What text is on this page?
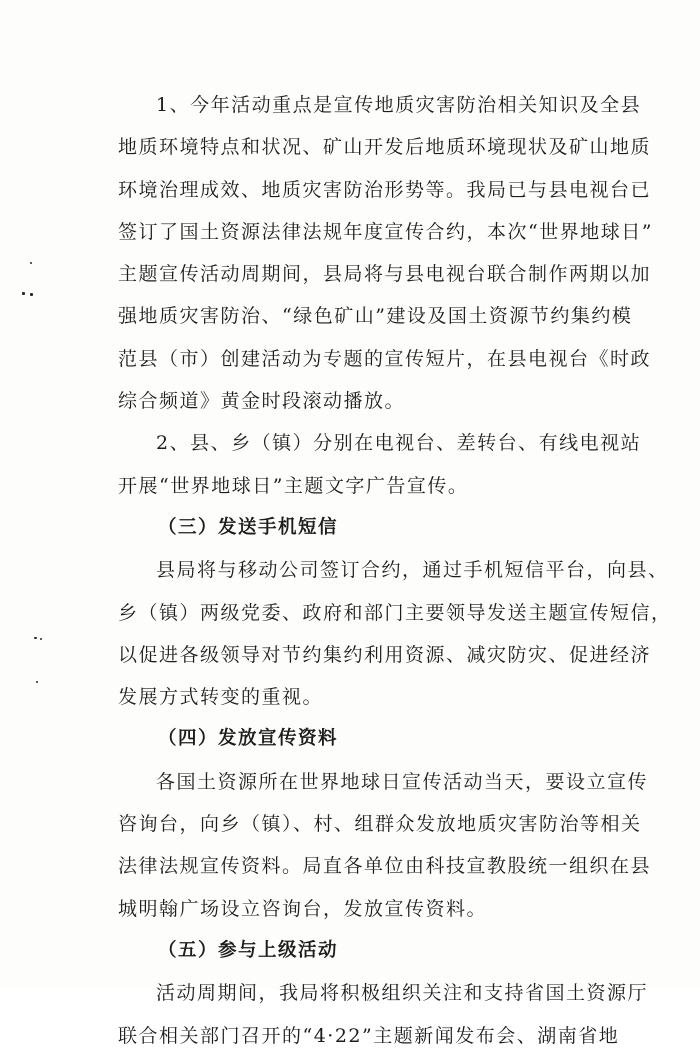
1、今年活动重点是宣传地质灾害防治相关知识及全县
地质环境特点和状况、矿山开发后地质环境现状及矿山地质
环境治理成效、地质灾害防治形势等。我局已与县电视台已
签订了国土资源法律法规年度宣传合约，本次“世界地球日”
主题宣传活动周期间，县局将与县电视台联合制作两期以加
强地质灾害防治、“绿色矿山”建设及国土资源节约集约模
范县（市）创建活动为专题的宣传短片，在县电视台《时政
综合频道》黄金时段滚动播放。
2、县、乡（镇）分别在电视台、差转台、有线电视站
开展“世界地球日”主题文字广告宣传。
（三）发送手机短信
县局将与移动公司签订合约，通过手机短信平台，向县、
乡（镇）两级党委、政府和部门主要领导发送主题宣传短信，
以促进各级领导对节约集约利用资源、减灾防灾、促进经济
发展方式转变的重视。
（四）发放宣传资料
各国土资源所在世界地球日宣传活动当天，要设立宣传
咨询台，向乡（镇）、村、组群众发放地质灾害防治等相关
法律法规宣传资料。局直各单位由科技宣教股统一组织在县
城明翰广场设立咨询台，发放宣传资料。
（五）参与上级活动
活动周期间，我局将积极组织关注和支持省国土资源厅
联合相关部门召开的“4·22”主题新闻发布会、湖南省地
